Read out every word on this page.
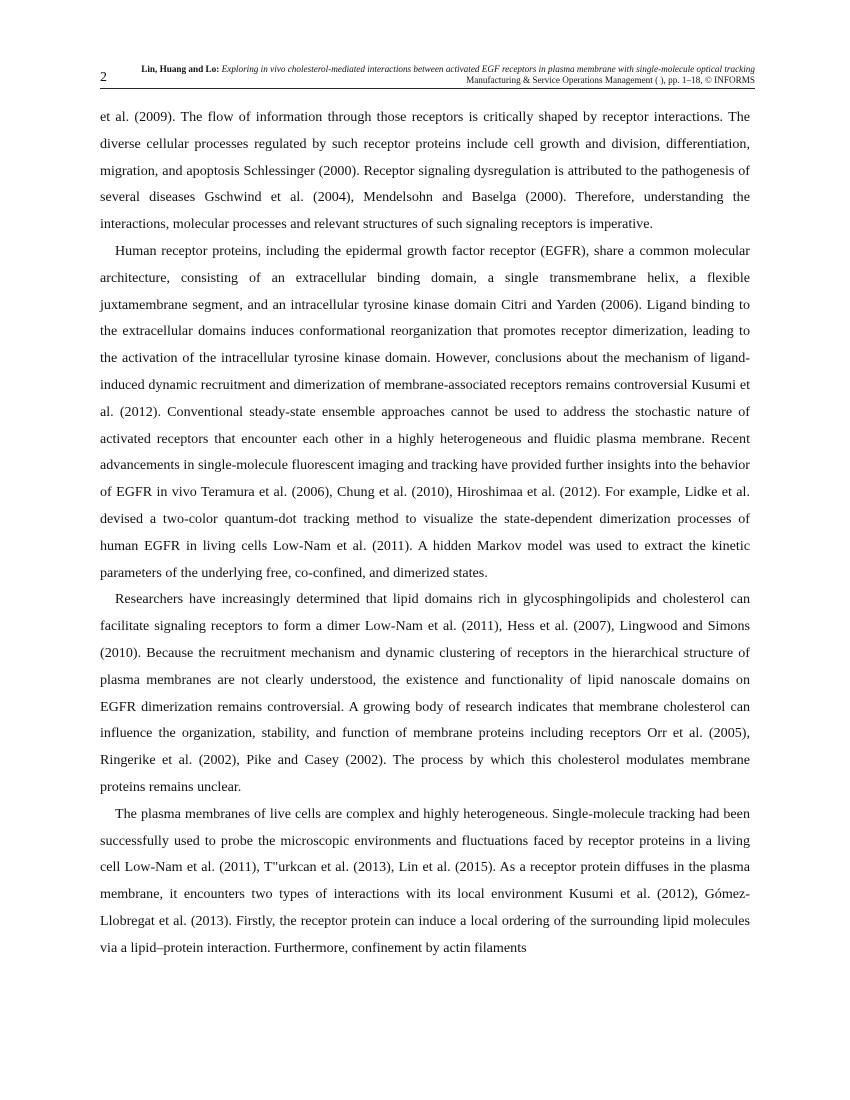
2
Lin, Huang and Lo: Exploring in vivo cholesterol-mediated interactions between activated EGF receptors in plasma membrane with single-molecule optical tracking
Manufacturing & Service Operations Management ( ), pp. 1–18, © INFORMS

et al. (2009). The flow of information through those receptors is critically shaped by receptor interactions. The diverse cellular processes regulated by such receptor proteins include cell growth and division, differentiation, migration, and apoptosis Schlessinger (2000). Receptor signaling dysregulation is attributed to the pathogenesis of several diseases Gschwind et al. (2004), Mendelsohn and Baselga (2000). Therefore, understanding the interactions, molecular processes and relevant structures of such signaling receptors is imperative.

Human receptor proteins, including the epidermal growth factor receptor (EGFR), share a common molecular architecture, consisting of an extracellular binding domain, a single transmembrane helix, a flexible juxtamembrane segment, and an intracellular tyrosine kinase domain Citri and Yarden (2006). Ligand binding to the extracellular domains induces conformational reorganization that promotes receptor dimerization, leading to the activation of the intracellular tyrosine kinase domain. However, conclusions about the mechanism of ligand-induced dynamic recruitment and dimerization of membrane-associated receptors remains controversial Kusumi et al. (2012). Conventional steady-state ensemble approaches cannot be used to address the stochastic nature of activated receptors that encounter each other in a highly heterogeneous and fluidic plasma membrane. Recent advancements in single-molecule fluorescent imaging and tracking have provided further insights into the behavior of EGFR in vivo Teramura et al. (2006), Chung et al. (2010), Hiroshimaa et al. (2012). For example, Lidke et al. devised a two-color quantum-dot tracking method to visualize the state-dependent dimerization processes of human EGFR in living cells Low-Nam et al. (2011). A hidden Markov model was used to extract the kinetic parameters of the underlying free, co-confined, and dimerized states.

Researchers have increasingly determined that lipid domains rich in glycosphingolipids and cholesterol can facilitate signaling receptors to form a dimer Low-Nam et al. (2011), Hess et al. (2007), Lingwood and Simons (2010). Because the recruitment mechanism and dynamic clustering of receptors in the hierarchical structure of plasma membranes are not clearly understood, the existence and functionality of lipid nanoscale domains on EGFR dimerization remains controversial. A growing body of research indicates that membrane cholesterol can influence the organization, stability, and function of membrane proteins including receptors Orr et al. (2005), Ringerike et al. (2002), Pike and Casey (2002). The process by which this cholesterol modulates membrane proteins remains unclear.

The plasma membranes of live cells are complex and highly heterogeneous. Single-molecule tracking had been successfully used to probe the microscopic environments and fluctuations faced by receptor proteins in a living cell Low-Nam et al. (2011), T"urkcan et al. (2013), Lin et al. (2015). As a receptor protein diffuses in the plasma membrane, it encounters two types of interactions with its local environment Kusumi et al. (2012), Gómez-Llobregat et al. (2013). Firstly, the receptor protein can induce a local ordering of the surrounding lipid molecules via a lipid–protein interaction. Furthermore, confinement by actin filaments
